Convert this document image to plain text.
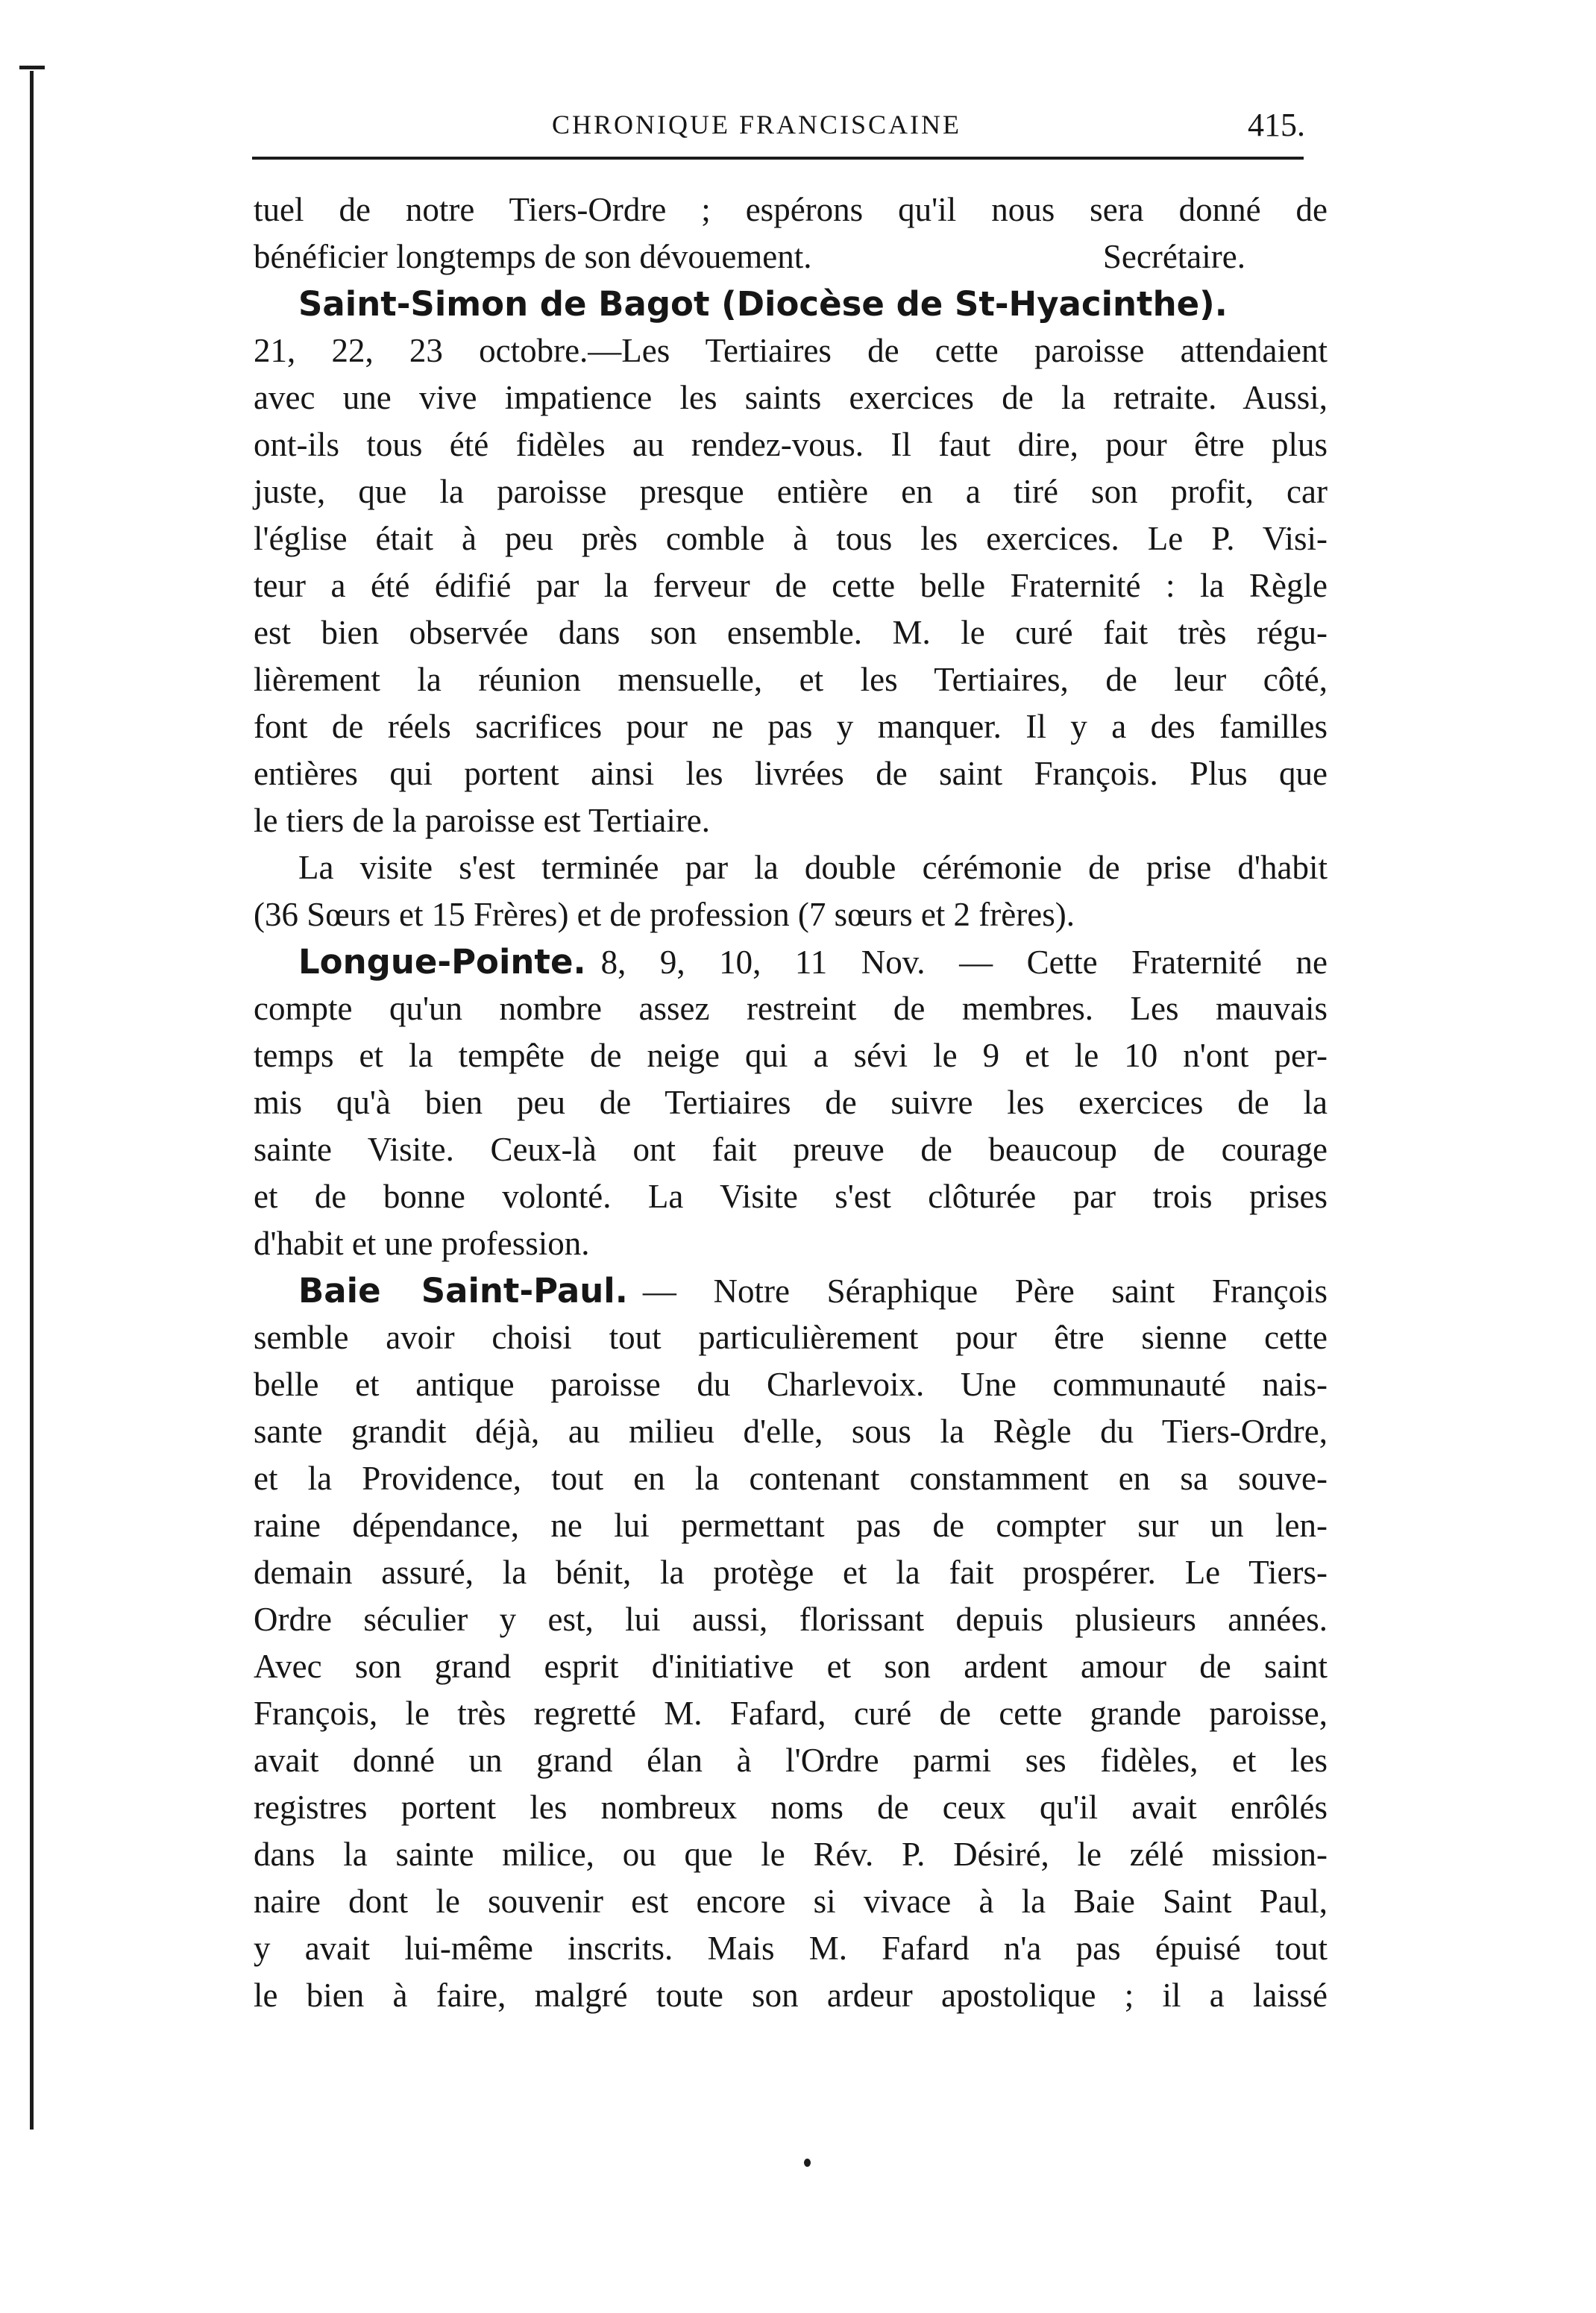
CHRONIQUE FRANCISCAINE	415.
tuel de notre Tiers-Ordre ; espérons qu'il nous sera donné de
bénéficier longtemps de son dévouement.	Secrétaire.
Saint-Simon de Bagot (Diocèse de St-Hyacinthe).
21, 22, 23 octobre.—Les Tertiaires de cette paroisse attendaient
avec une vive impatience les saints exercices de la retraite. Aussi,
ont-ils tous été fidèles au rendez-vous. Il faut dire, pour être plus
juste, que la paroisse presque entière en a tiré son profit, car
l'église était à peu près comble à tous les exercices. Le P. Visi-
teur a été édifié par la ferveur de cette belle Fraternité : la Règle
est bien observée dans son ensemble. M. le curé fait très régu-
lièrement la réunion mensuelle, et les Tertiaires, de leur côté,
font de réels sacrifices pour ne pas y manquer. Il y a des familles
entières qui portent ainsi les livrées de saint François. Plus que
le tiers de la paroisse est Tertiaire.
La visite s'est terminée par la double cérémonie de prise d'habit
(36 Sœurs et 15 Frères) et de profession (7 sœurs et 2 frères).
Longue-Pointe. 8, 9, 10, 11 Nov. — Cette Fraternité ne
compte qu'un nombre assez restreint de membres. Les mauvais
temps et la tempête de neige qui a sévi le 9 et le 10 n'ont per-
mis qu'à bien peu de Tertiaires de suivre les exercices de la
sainte Visite. Ceux-là ont fait preuve de beaucoup de courage
et de bonne volonté. La Visite s'est clôturée par trois prises
d'habit et une profession.
Baie Saint-Paul. — Notre Séraphique Père saint François
semble avoir choisi tout particulièrement pour être sienne cette
belle et antique paroisse du Charlevoix. Une communauté nais-
sante grandit déjà, au milieu d'elle, sous la Règle du Tiers-Ordre,
et la Providence, tout en la contenant constamment en sa souve-
raine dépendance, ne lui permettant pas de compter sur un len-
demain assuré, la bénit, la protège et la fait prospérer. Le Tiers-
Ordre séculier y est, lui aussi, florissant depuis plusieurs années.
Avec son grand esprit d'initiative et son ardent amour de saint
François, le très regretté M. Fafard, curé de cette grande paroisse,
avait donné un grand élan à l'Ordre parmi ses fidèles, et les
registres portent les nombreux noms de ceux qu'il avait enrôlés
dans la sainte milice, ou que le Rév. P. Désiré, le zélé mission-
naire dont le souvenir est encore si vivace à la Baie Saint Paul,
y avait lui-même inscrits. Mais M. Fafard n'a pas épuisé tout
le bien à faire, malgré toute son ardeur apostolique ; il a laissé
